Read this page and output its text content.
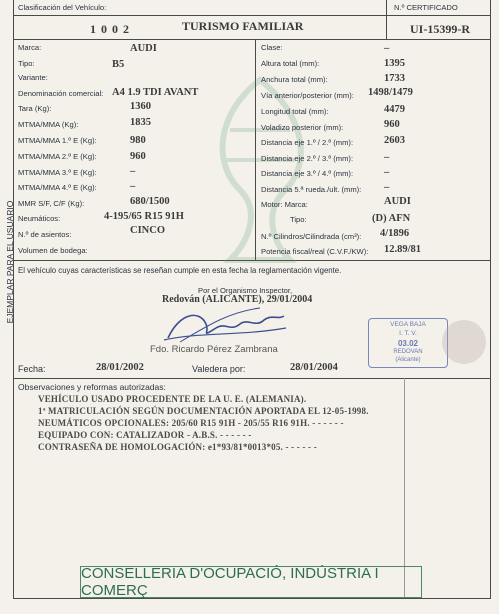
EJEMPLAR PARA EL USUARIO
Clasificación del Vehículo:
1 0 0 2	TURISMO FAMILIAR
N.º CERTIFICADO
UI-15399-R
Marca:	AUDI
Tipo:	B5
Variante:
Denominación comercial: A4 1.9 TDI AVANT
Tara (Kg):	1360
MTMA/MMA (Kg):	1835
MTMA/MMA 1.º E (Kg):	980
MTMA/MMA 2.º E (Kg):	960
MTMA/MMA 3.º E (Kg):	–
MTMA/MMA 4.º E (Kg):	–
MMR S/F, C/F (Kg):	680/1500
Neumáticos:	4-195/65 R15 91H
N.º de asientos:	CINCO
Volumen de bodega:
Clase:	–
Altura total (mm):	1395
Anchura total (mm):	1733
Vía anterior/posterior (mm): 1498/1479
Longitud total (mm):	4479
Voladizo posterior (mm):	960
Distancia eje 1.º / 2.º (mm):	2603
Distancia eje 2.º / 3.º (mm):	–
Distancia eje 3.º / 4.º (mm):	–
Distancia 5.ª rueda./ult. (mm): –
Motor: Marca:	AUDI
Tipo:	(D) AFN
N.º Cilindros/Cilindrada (cm³): 4/1896
Potencia fiscal/real (C.V.F./KW): 12.89/81
El vehículo cuyas características se reseñan cumple en esta fecha la reglamentación vigente.
Por el Organismo Inspector,
Redován (ALICANTE), 29/01/2004
Fdo. Ricardo Pérez Zambrana
VEGA BAJA
I. T. V.
03.02
REDOVAN
(Alicante)
Fecha:	28/01/2002	Valedera por:	28/01/2004
Observaciones y reformas autorizadas:
VEHÍCULO USADO PROCEDENTE DE LA U. E. (ALEMANIA).
1ª MATRICULACIÓN SEGÚN DOCUMENTACIÓN APORTADA EL 12-05-1998.
NEUMÁTICOS OPCIONALES: 205/60 R15 91H - 205/55 R16 91H. - - - - - -
EQUIPADO CON: CATALIZADOR - A.B.S. - - - - - -
CONTRASEÑA DE HOMOLOGACIÓN: e1*93/81*0013*05. - - - - - -
CONSELLERIA D'OCUPACIÓ, INDÚSTRIA I COMERÇ
